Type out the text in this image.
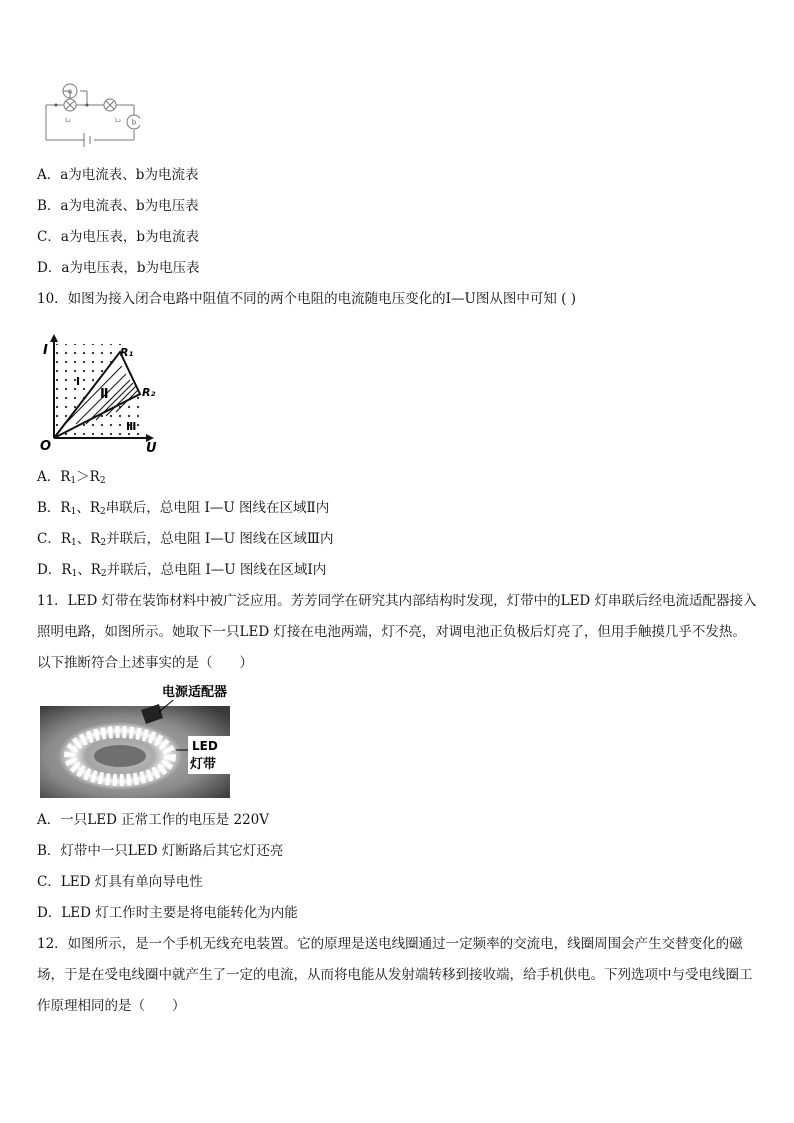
a
b
L₁	L₂
A．a为电流表、b为电流表
B．a为电流表、b为电压表
C．a为电压表，b为电流表
D．a为电压表，b为电压表
10．如图为接入闭合电路中阻值不同的两个电阻的电流随电压变化的I—U图从图中可知 ( )
I
U
O
R₁
R₂
Ⅰ
Ⅱ
Ⅲ
A．$R_1>R_2$
B．$R_1$、$R_2$串联后，总电阻 I—U 图线在区域Ⅱ内
C．$R_1$、$R_2$并联后，总电阻 I—U 图线在区域Ⅲ内
D．$R_1$、$R_2$并联后，总电阻 I—U 图线在区域Ⅰ内
11．LED 灯带在装饰材料中被广泛应用。芳芳同学在研究其内部结构时发现，灯带中的LED 灯串联后经电流适配器接入照明电路，如图所示。她取下一只LED 灯接在电池两端，灯不亮，对调电池正负极后灯亮了，但用手触摸几乎不发热。以下推断符合上述事实的是（　　）
电源适配器
LED
灯带
A．一只LED 正常工作的电压是 220V
B．灯带中一只LED 灯断路后其它灯还亮
C．LED 灯具有单向导电性
D．LED 灯工作时主要是将电能转化为内能
12．如图所示，是一个手机无线充电装置。它的原理是送电线圈通过一定频率的交流电，线圈周围会产生交替变化的磁场，于是在受电线圈中就产生了一定的电流，从而将电能从发射端转移到接收端，给手机供电。下列选项中与受电线圈工作原理相同的是（　　）
